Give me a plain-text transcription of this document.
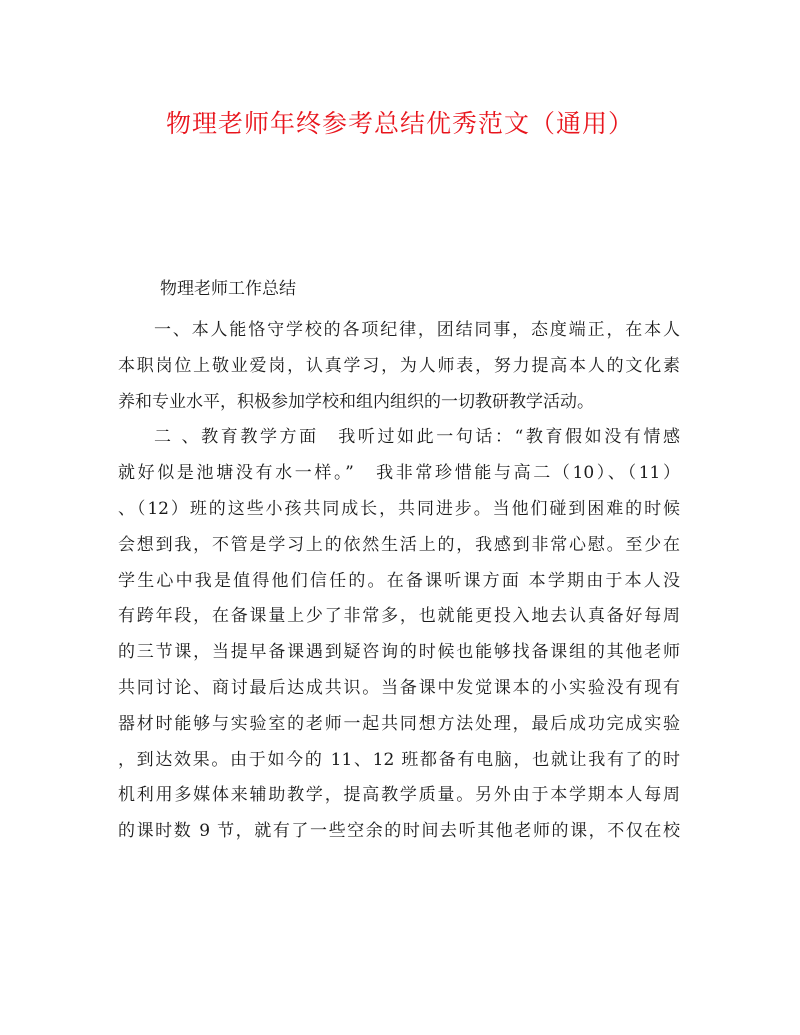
物理老师年终参考总结优秀范文（通用）

物理老师工作总结

一、本人能恪守学校的各项纪律，团结同事，态度端正，在本人

本职岗位上敬业爱岗，认真学习，为人师表，努力提高本人的文化素

养和专业水平，积极参加学校和组内组织的一切教研教学活动。

二 、教育教学方面　我听过如此一句话：“教育假如没有情感

就好似是池塘没有水一样。”　我非常珍惜能与高二（10）、（11）

、（12）班的这些小孩共同成长，共同进步。当他们碰到困难的时候

会想到我，不管是学习上的依然生活上的，我感到非常心慰。至少在

学生心中我是值得他们信任的。在备课听课方面 本学期由于本人没

有跨年段，在备课量上少了非常多，也就能更投入地去认真备好每周

的三节课，当提早备课遇到疑咨询的时候也能够找备课组的其他老师

共同讨论、商讨最后达成共识。当备课中发觉课本的小实验没有现有

器材时能够与实验室的老师一起共同想方法处理，最后成功完成实验

，到达效果。由于如今的 11、12 班都备有电脑，也就让我有了的时

机利用多媒体来辅助教学，提高教学质量。另外由于本学期本人每周

的课时数 9 节，就有了一些空余的时间去听其他老师的课，不仅在校
